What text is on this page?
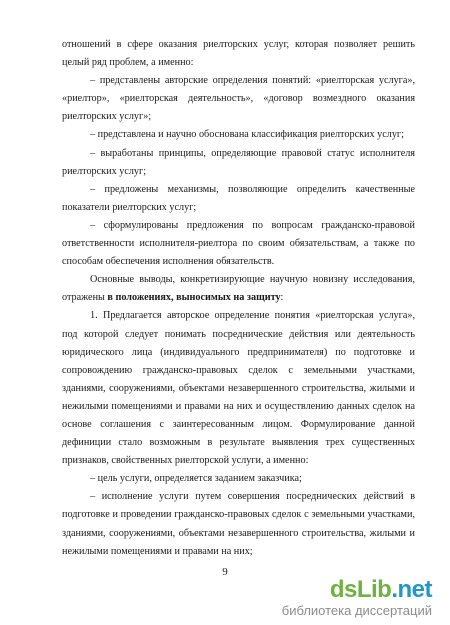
отношений в сфере оказания риелторских услуг, которая позволяет решить целый ряд проблем, а именно:

– представлены авторские определения понятий: «риелторская услуга», «риелтор», «риелторская деятельность», «договор возмездного оказания риелторских услуг»;

– представлена и научно обоснована классификация риелторских услуг;

– выработаны принципы, определяющие правовой статус исполнителя риелторских услуг;

– предложены механизмы, позволяющие определить качественные показатели риелторских услуг;

– сформулированы предложения по вопросам гражданско-правовой ответственности исполнителя-риелтора по своим обязательствам, а также по способам обеспечения исполнения обязательств.

Основные выводы, конкретизирующие научную новизну исследования, отражены в положениях, выносимых на защиту:

1. Предлагается авторское определение понятия «риелторская услуга», под которой следует понимать посреднические действия или деятельность юридического лица (индивидуального предпринимателя) по подготовке и сопровождению гражданско-правовых сделок с земельными участками, зданиями, сооружениями, объектами незавершенного строительства, жилыми и нежилыми помещениями и правами на них и осуществлению данных сделок на основе соглашения с заинтересованным лицом. Формулирование данной дефиниции стало возможным в результате выявления трех существенных признаков, свойственных риелторской услуги, а именно:

– цель услуги, определяется заданием заказчика;

– исполнение услуги путем совершения посреднических действий в подготовке и проведении гражданско-правовых сделок с земельными участками, зданиями, сооружениями, объектами незавершенного строительства, жилыми и нежилыми помещениями и правами на них;

9
dsLib.net
библиотека диссертаций
